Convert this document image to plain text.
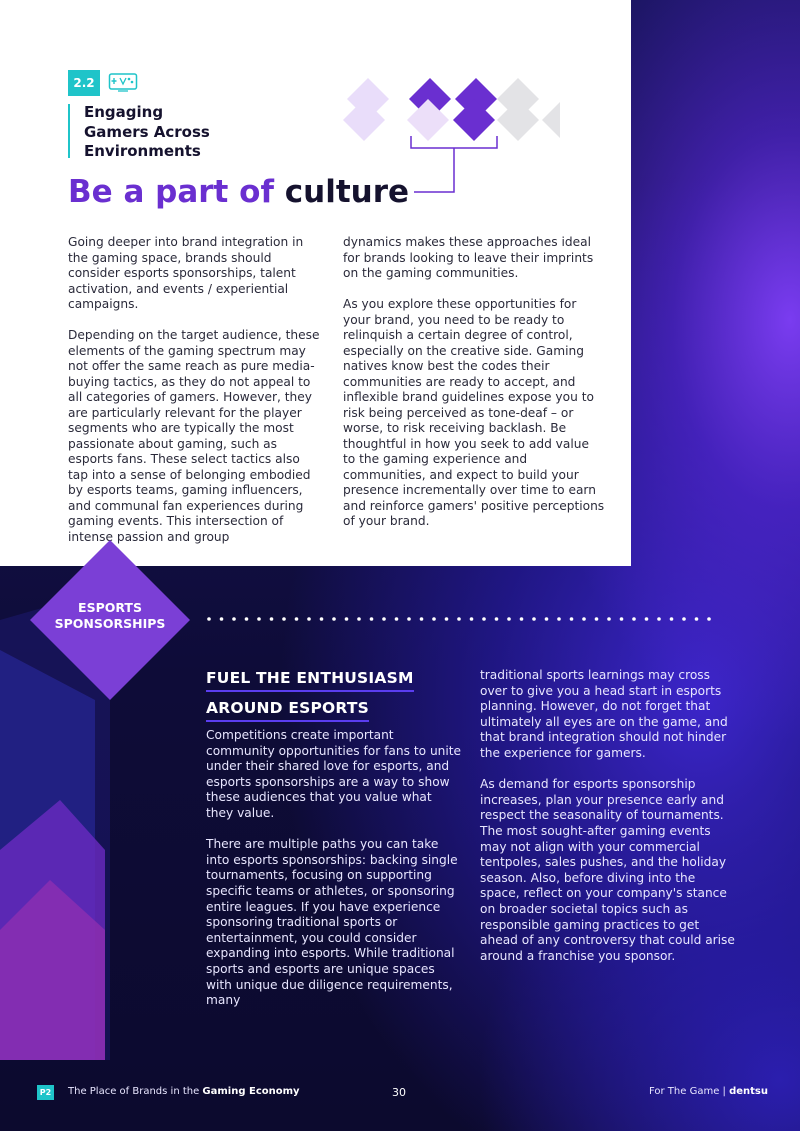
2.2
Engaging
Gamers Across
Environments
Be a part of culture

Going deeper into brand integration in the gaming space, brands should consider esports sponsorships, talent activation, and events / experiential campaigns.

Depending on the target audience, these elements of the gaming spectrum may not offer the same reach as pure media-buying tactics, as they do not appeal to all categories of gamers. However, they are particularly relevant for the player segments who are typically the most passionate about gaming, such as esports fans. These select tactics also tap into a sense of belonging embodied by esports teams, gaming influencers, and communal fan experiences during gaming events. This intersection of intense passion and group

dynamics makes these approaches ideal for brands looking to leave their imprints on the gaming communities.

As you explore these opportunities for your brand, you need to be ready to relinquish a certain degree of control, especially on the creative side. Gaming natives know best the codes their communities are ready to accept, and inflexible brand guidelines expose you to risk being perceived as tone-deaf – or worse, to risk receiving backlash. Be thoughtful in how you seek to add value to the gaming experience and communities, and expect to build your presence incrementally over time to earn and reinforce gamers' positive perceptions of your brand.

ESPORTS
SPONSORSHIPS
FUEL THE ENTHUSIASM
AROUND ESPORTS

Competitions create important community opportunities for fans to unite under their shared love for esports, and esports sponsorships are a way to show these audiences that you value what they value.

There are multiple paths you can take into esports sponsorships: backing single tournaments, focusing on supporting specific teams or athletes, or sponsoring entire leagues. If you have experience sponsoring traditional sports or entertainment, you could consider expanding into esports. While traditional sports and esports are unique spaces with unique due diligence requirements, many

traditional sports learnings may cross over to give you a head start in esports planning. However, do not forget that ultimately all eyes are on the game, and that brand integration should not hinder the experience for gamers.

As demand for esports sponsorship increases, plan your presence early and respect the seasonality of tournaments. The most sought-after gaming events may not align with your commercial tentpoles, sales pushes, and the holiday season. Also, before diving into the space, reflect on your company's stance on broader societal topics such as responsible gaming practices to get ahead of any controversy that could arise around a franchise you sponsor.

P2 The Place of Brands in the Gaming Economy	30	For The Game | dentsu
